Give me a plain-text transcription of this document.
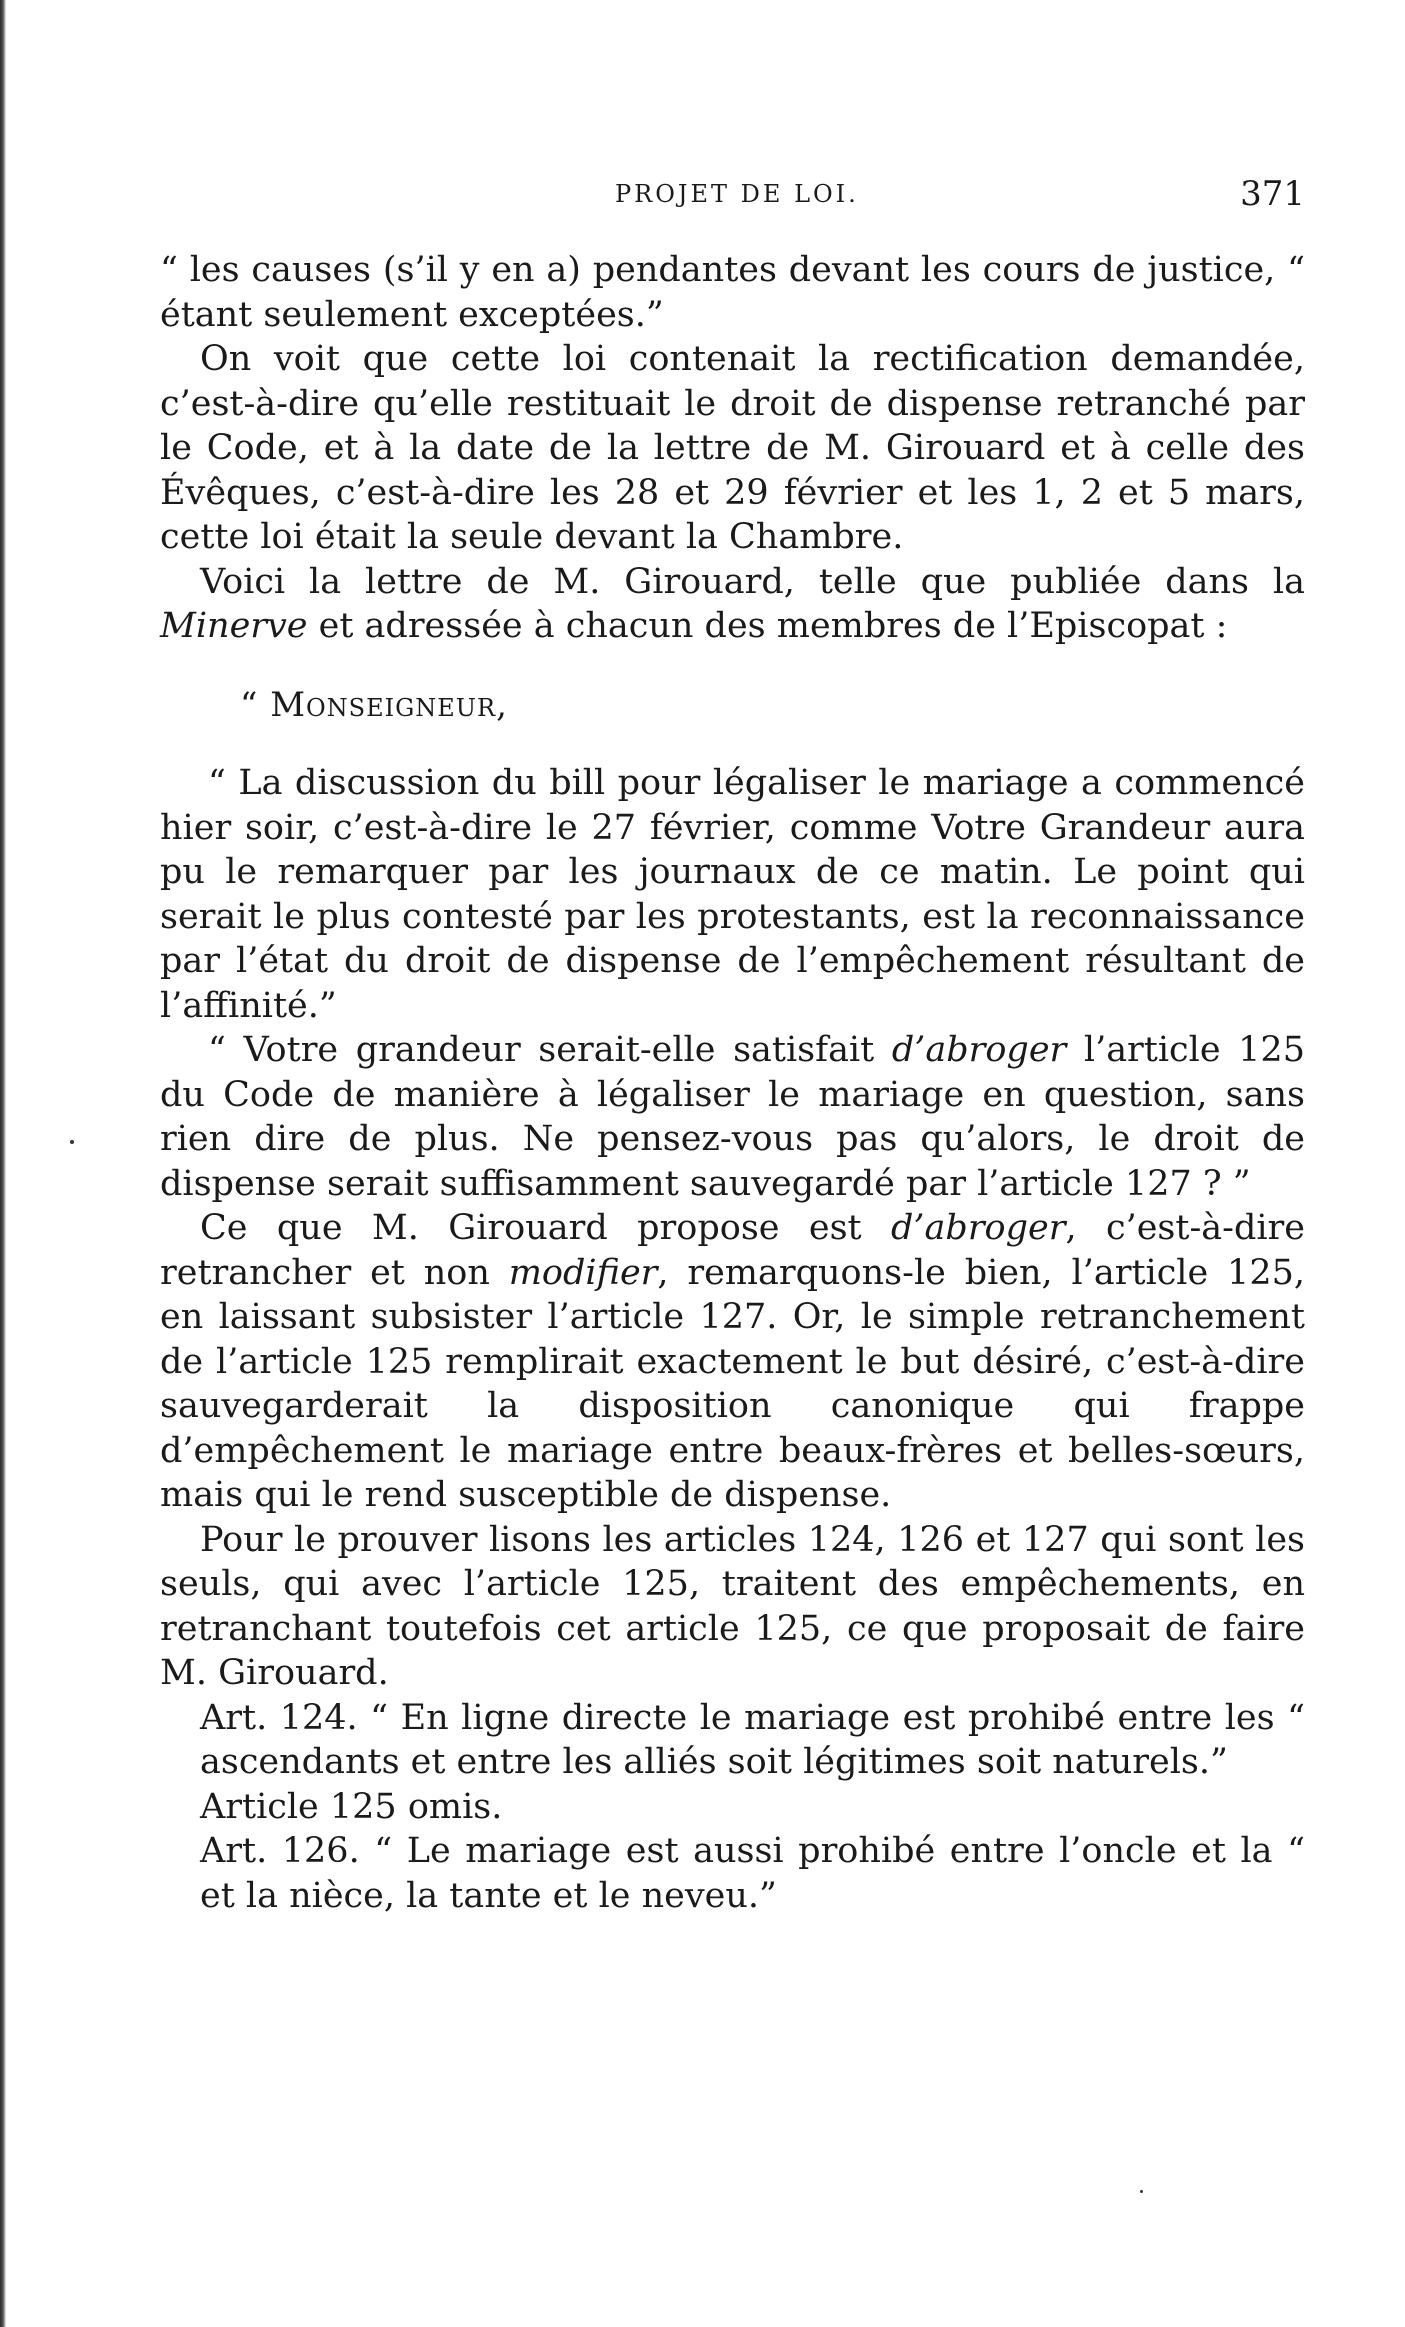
PROJET DE LOI.	371

“ les causes (s’il y en a) pendantes devant les cours de justice, “ étant seulement exceptées.”

On voit que cette loi contenait la rectification demandée, c’est-à-dire qu’elle restituait le droit de dispense retranché par le Code, et à la date de la lettre de M. Girouard et à celle des Évêques, c’est-à-dire les 28 et 29 février et les 1, 2 et 5 mars, cette loi était la seule devant la Chambre.

Voici la lettre de M. Girouard, telle que publiée dans la Minerve et adressée à chacun des membres de l’Episcopat :

“ Monseigneur,

“ La discussion du bill pour légaliser le mariage a commencé hier soir, c’est-à-dire le 27 février, comme Votre Grandeur aura pu le remarquer par les journaux de ce matin. Le point qui serait le plus contesté par les protestants, est la reconnaissance par l’état du droit de dispense de l’empêchement résultant de l’affinité.”

“ Votre grandeur serait-elle satisfait d’abroger l’article 125 du Code de manière à légaliser le mariage en question, sans rien dire de plus. Ne pensez-vous pas qu’alors, le droit de dispense serait suffisamment sauvegardé par l’article 127 ? ”

Ce que M. Girouard propose est d’abroger, c’est-à-dire retrancher et non modifier, remarquons-le bien, l’article 125, en laissant subsister l’article 127. Or, le simple retranchement de l’article 125 remplirait exactement le but désiré, c’est-à-dire sauvegarderait la disposition canonique qui frappe d’empêchement le mariage entre beaux-frères et belles-sœurs, mais qui le rend susceptible de dispense.

Pour le prouver lisons les articles 124, 126 et 127 qui sont les seuls, qui avec l’article 125, traitent des empêchements, en retranchant toutefois cet article 125, ce que proposait de faire M. Girouard.

Art. 124. “ En ligne directe le mariage est prohibé entre les “ ascendants et entre les alliés soit légitimes soit naturels.”

Article 125 omis.

Art. 126. “ Le mariage est aussi prohibé entre l’oncle et la “ et la nièce, la tante et le neveu.”
